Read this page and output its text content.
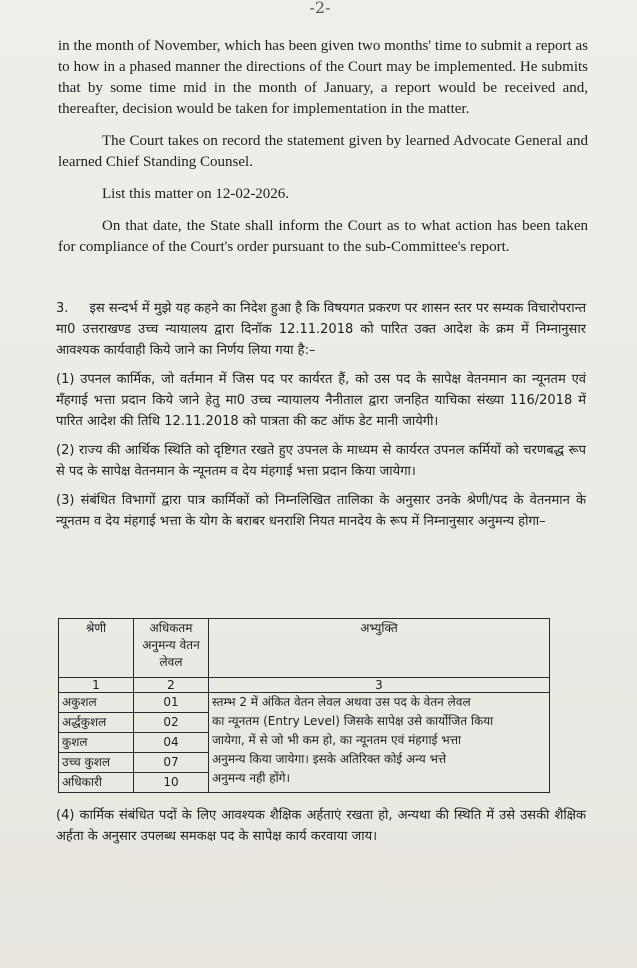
-2-

in the month of November, which has been given two months' time to submit a report as to how in a phased manner the directions of the Court may be implemented. He submits that by some time mid in the month of January, a report would be received and, thereafter, decision would be taken for implementation in the matter.

The Court takes on record the statement given by learned Advocate General and learned Chief Standing Counsel.

List this matter on 12-02-2026.

On that date, the State shall inform the Court as to what action has been taken for compliance of the Court's order pursuant to the sub-Committee's report.

3. इस सन्दर्भ में मुझे यह कहने का निदेश हुआ है कि विषयगत प्रकरण पर शासन स्तर पर सम्यक विचारोपरान्त मा0 उत्तराखण्ड उच्च न्यायालय द्वारा दिनॉक 12.11.2018 को पारित उक्त आदेश के क्रम में निम्नानुसार आवश्यक कार्यवाही किये जाने का निर्णय लिया गया है:–

(1) उपनल कार्मिक, जो वर्तमान में जिस पद पर कार्यरत हैं, को उस पद के सापेक्ष वेतनमान का न्यूनतम एवं मँहगाई भत्ता प्रदान किये जाने हेतु मा0 उच्च न्यायालय नैनीताल द्वारा जनहित याचिका संख्या 116/2018 में पारित आदेश की तिथि 12.11.2018 को पात्रता की कट ऑफ डेट मानी जायेगी।

(2) राज्य की आर्थिक स्थिति को दृष्टिगत रखते हुए उपनल के माध्यम से कार्यरत उपनल कर्मियों को चरणबद्ध रूप से पद के सापेक्ष वेतनमान के न्यूनतम व देय मंहगाई भत्ता प्रदान किया जायेगा।

(3) संबंधित विभागों द्वारा पात्र कार्मिकों को निम्नलिखित तालिका के अनुसार उनके श्रेणी/पद के वेतनमान के न्यूनतम व देय मंहगाई भत्ता के योग के बराबर धनराशि नियत मानदेय के रूप में निम्नानुसार अनुमन्य होगा–

श्रेणी	अधिकतम अनुमन्य वेतन लेवल	अभ्युक्ति
1	2	3
अकुशल	01	स्तम्भ 2 में अंकित वेतन लेवल अथवा उस पद के वेतन लेवल
का न्यूनतम (Entry Level) जिसके सापेक्ष उसे कार्योजित किया
जायेगा, में से जो भी कम हो, का न्यूनतम एवं मंहगाई भत्ता
अनुमन्य किया जायेगा। इसके अतिरिक्त कोई अन्य भत्ते
अनुमन्य नही होंगे।

अर्द्धकुशल	02	
कुशल	04	
उच्च कुशल	07	
अधिकारी	10	

(4) कार्मिक संबंधित पदों के लिए आवश्यक शैक्षिक अर्हताएं रखता हो, अन्यथा की स्थिति में उसे उसकी शैक्षिक अर्हता के अनुसार उपलब्ध समकक्ष पद के सापेक्ष कार्य करवाया जाय।
